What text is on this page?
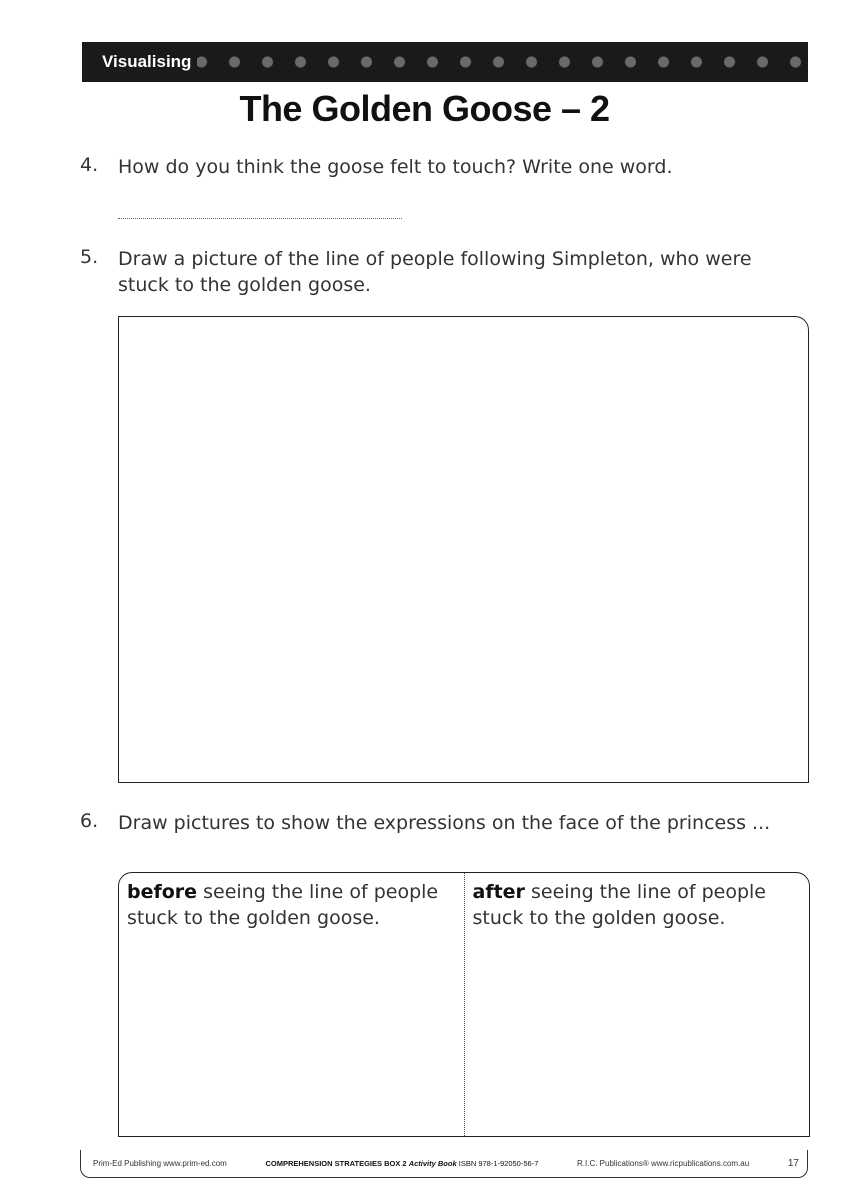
Visualising
The Golden Goose – 2
4. How do you think the goose felt to touch? Write one word.
5. Draw a picture of the line of people following Simpleton, who were stuck to the golden goose.
6. Draw pictures to show the expressions on the face of the princess ...
before seeing the line of people stuck to the golden goose.
after seeing the line of people stuck to the golden goose.
Prim-Ed Publishing www.prim-ed.com	COMPREHENSION STRATEGIES BOX 2 Activity Book ISBN 978-1-92050-56-7	R.I.C. Publications® www.ricpublications.com.au	17
